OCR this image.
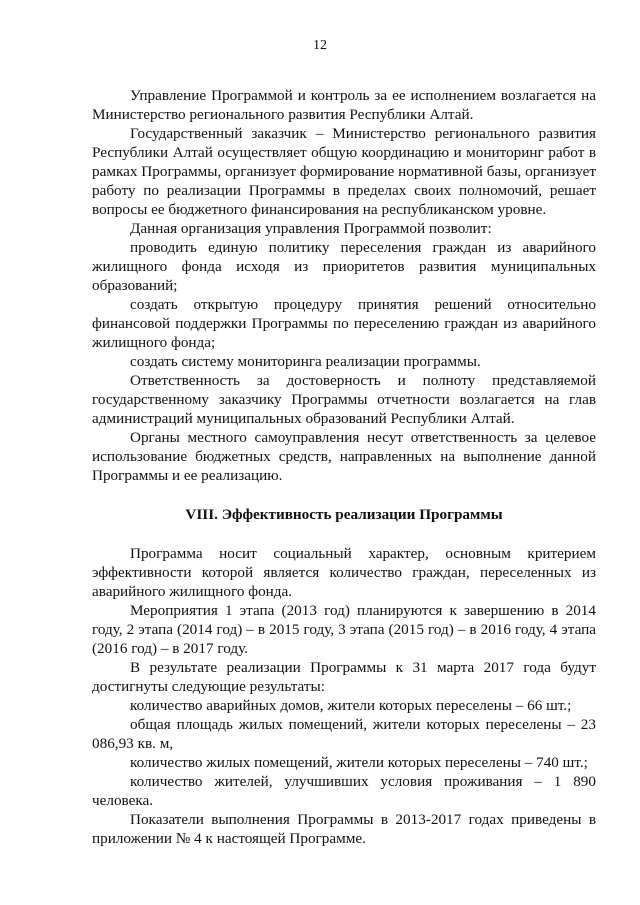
12

Управление Программой и контроль за ее исполнением возлагается на Министерство регионального развития Республики Алтай.

Государственный заказчик – Министерство регионального развития Республики Алтай осуществляет общую координацию и мониторинг работ в рамках Программы, организует формирование нормативной базы, организует работу по реализации Программы в пределах своих полномочий, решает вопросы ее бюджетного финансирования на республиканском уровне.

Данная организация управления Программой позволит:

проводить единую политику переселения граждан из аварийного жилищного фонда исходя из приоритетов развития муниципальных образований;

создать открытую процедуру принятия решений относительно финансовой поддержки Программы по переселению граждан из аварийного жилищного фонда;

создать систему мониторинга реализации программы.

Ответственность за достоверность и полноту представляемой государственному заказчику Программы отчетности возлагается на глав администраций муниципальных образований Республики Алтай.

Органы местного самоуправления несут ответственность за целевое использование бюджетных средств, направленных на выполнение данной Программы и ее реализацию.

VIII. Эффективность реализации Программы

Программа носит социальный характер, основным критерием эффективности которой является количество граждан, переселенных из аварийного жилищного фонда.

Мероприятия 1 этапа (2013 год) планируются к завершению в 2014 году, 2 этапа (2014 год) – в 2015 году, 3 этапа (2015 год) – в 2016 году, 4 этапа (2016 год) – в 2017 году.

В результате реализации Программы к 31 марта 2017 года будут достигнуты следующие результаты:

количество аварийных домов, жители которых переселены – 66 шт.;

общая площадь жилых помещений, жители которых переселены – 23 086,93 кв. м,

количество жилых помещений, жители которых переселены – 740 шт.;

количество жителей, улучшивших условия проживания – 1 890 человека.

Показатели выполнения Программы в 2013-2017 годах приведены в приложении № 4 к настоящей Программе.
